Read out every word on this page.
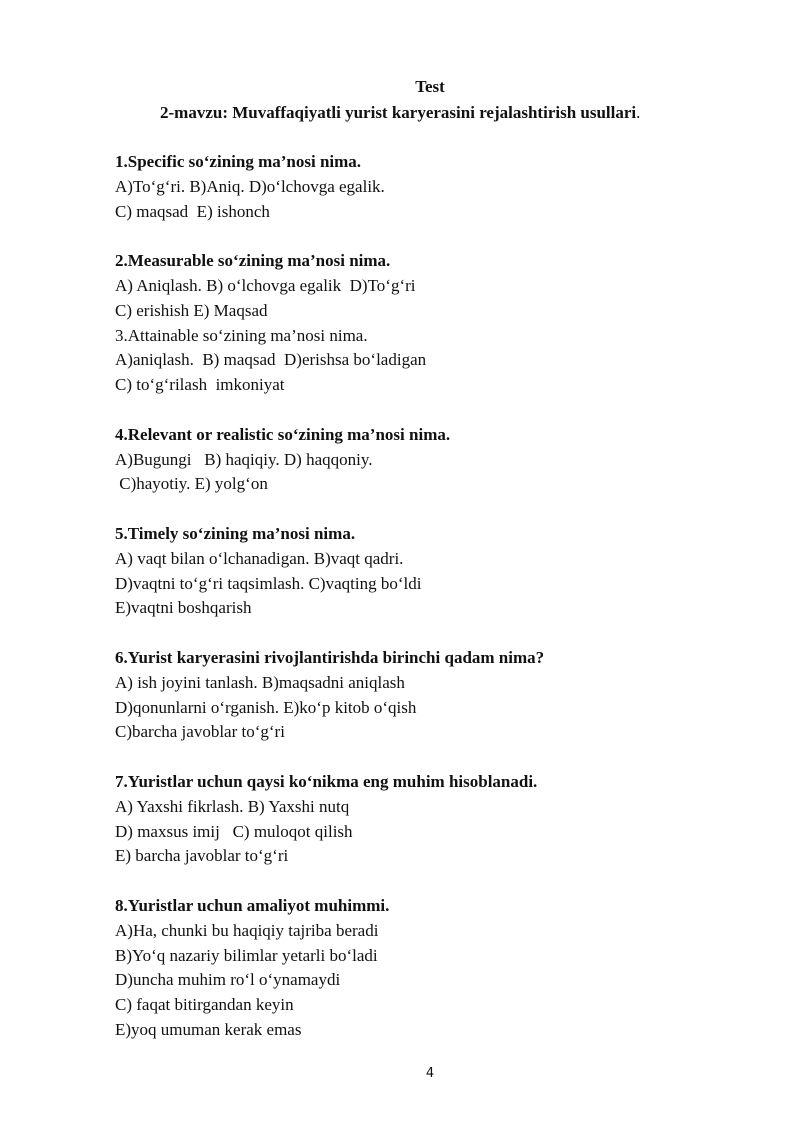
Test
2-mavzu: Muvaffaqiyatli yurist karyerasini rejalashtirish usullari.
1.Specific so‘zining ma’nosi nima.
A)To‘g‘ri. B)Aniq. D)o‘lchovga egalik.
C) maqsad  E) ishonch
2.Measurable so‘zining ma’nosi nima.
A) Aniqlash. B) o‘lchovga egalik  D)To‘g‘ri
C) erishish E) Maqsad
3.Attainable so‘zining ma’nosi nima.
A)aniqlash.  B) maqsad  D)erishsa bo‘ladigan
C) to‘g‘rilash  imkoniyat
4.Relevant or realistic so‘zining ma’nosi nima.
A)Bugungi   B) haqiqiy. D) haqqoniy.
C)hayotiy. E) yolg‘on
5.Timely so‘zining ma’nosi nima.
A) vaqt bilan o‘lchanadigan. B)vaqt qadri.
D)vaqtni to‘g‘ri taqsimlash. C)vaqting bo‘ldi
E)vaqtni boshqarish
6.Yurist karyerasini rivojlantirishda birinchi qadam nima?
A) ish joyini tanlash. B)maqsadni aniqlash
D)qonunlarni o‘rganish. E)ko‘p kitob o‘qish
C)barcha javoblar to‘g‘ri
7.Yuristlar uchun qaysi ko‘nikma eng muhim hisoblanadi.
A) Yaxshi fikrlash. B) Yaxshi nutq
D) maxsus imij   C) muloqot qilish
E) barcha javoblar to‘g‘ri
8.Yuristlar uchun amaliyot muhimmi.
A)Ha, chunki bu haqiqiy tajriba beradi
B)Yo‘q nazariy bilimlar yetarli bo‘ladi
D)uncha muhim ro‘l o‘ynamaydi
C) faqat bitirgandan keyin
E)yoq umuman kerak emas
4
